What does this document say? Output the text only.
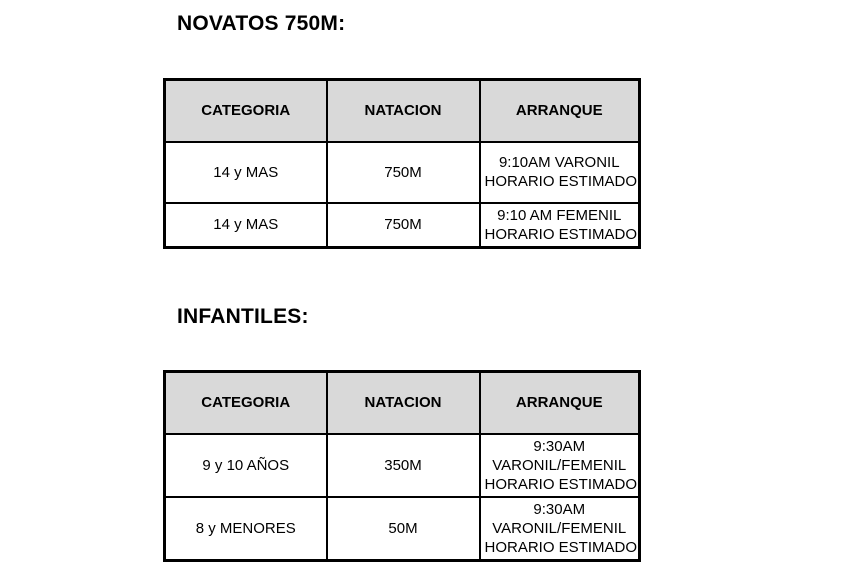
NOVATOS 750M:
CATEGORIA	NATACION	ARRANQUE
14 y MAS	750M	9:10AM VARONIL
HORARIO ESTIMADO

14 y MAS	750M	9:10 AM FEMENIL
HORARIO ESTIMADO
INFANTILES:
CATEGORIA	NATACION	ARRANQUE
9 y 10 AÑOS	350M	9:30AM
VARONIL/FEMENIL
HORARIO ESTIMADO

8 y MENORES	50M	9:30AM
VARONIL/FEMENIL
HORARIO ESTIMADO
